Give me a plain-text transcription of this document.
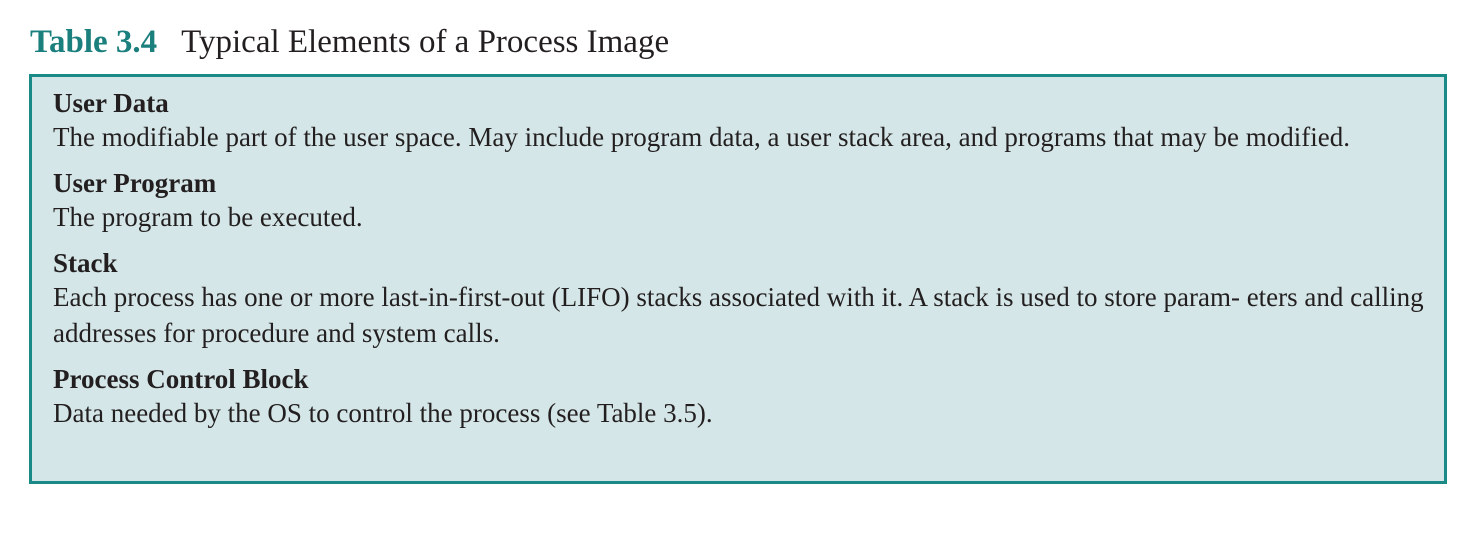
Table 3.4 Typical Elements of a Process Image
User Data
The modifiable part of the user space. May include program data, a user stack area, and programs that may be modified.
User Program
The program to be executed.
Stack
Each process has one or more last-in-first-out (LIFO) stacks associated with it. A stack is used to store param- eters and calling addresses for procedure and system calls.
Process Control Block
Data needed by the OS to control the process (see Table 3.5).
